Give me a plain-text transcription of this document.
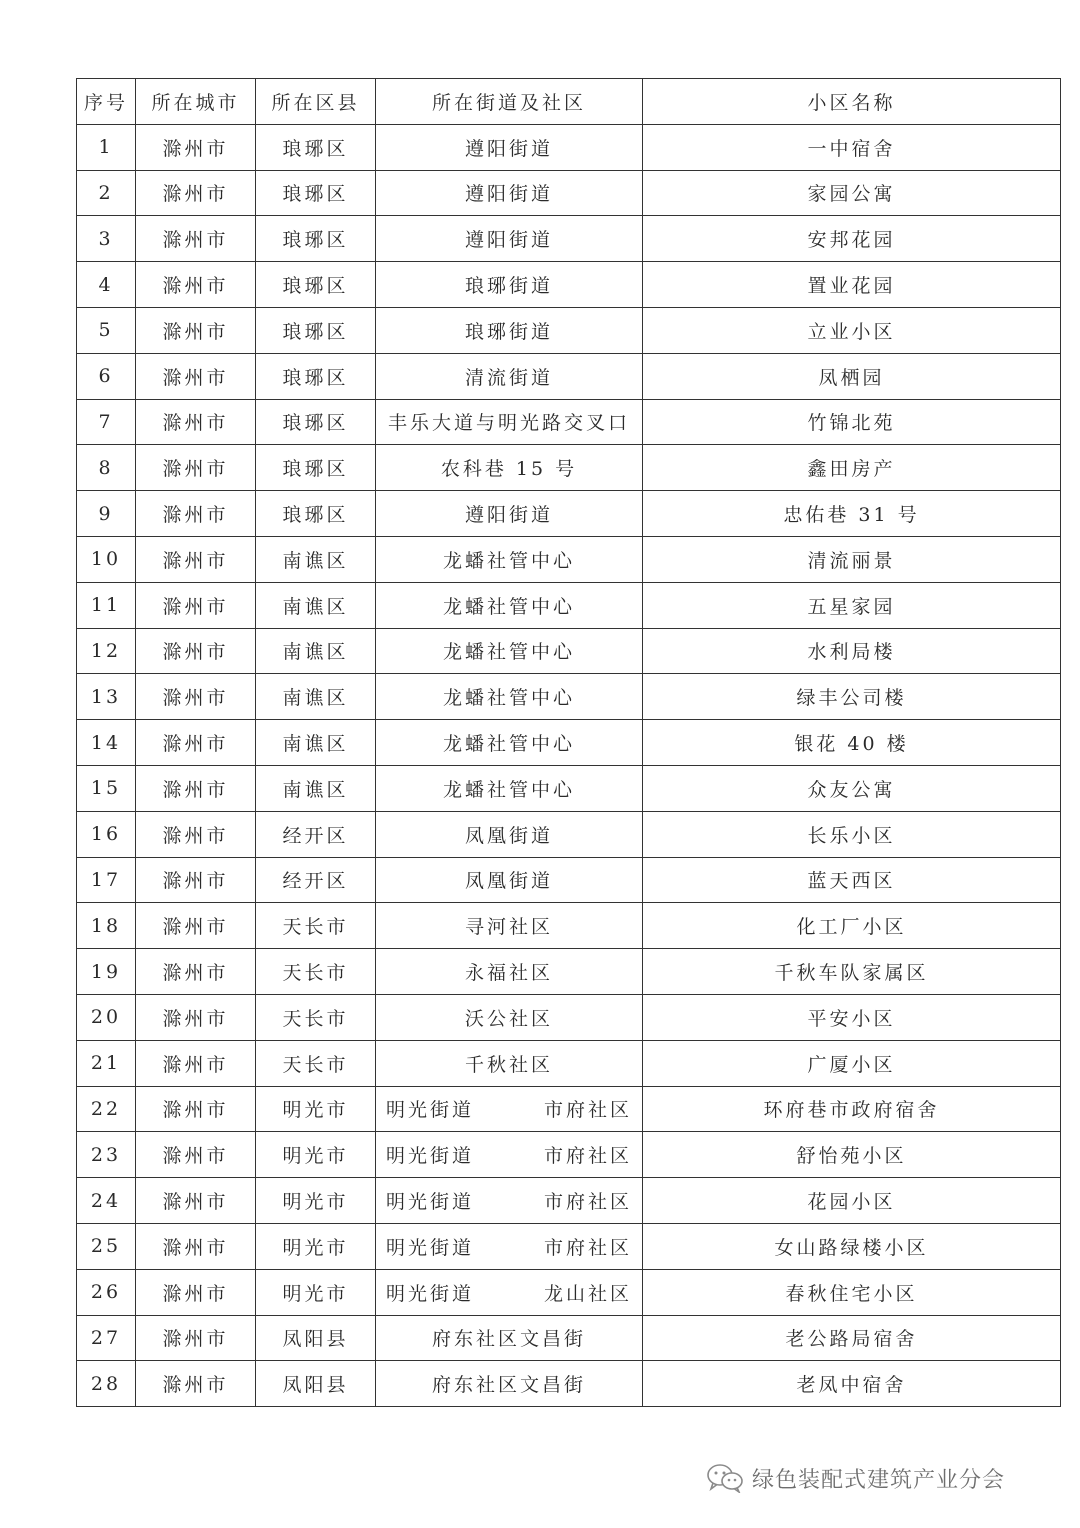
序号	所在城市	所在区县	所在街道及社区	小区名称
1	滁州市	琅琊区	遵阳街道	一中宿舍
2	滁州市	琅琊区	遵阳街道	家园公寓
3	滁州市	琅琊区	遵阳街道	安邦花园
4	滁州市	琅琊区	琅琊街道	置业花园
5	滁州市	琅琊区	琅琊街道	立业小区
6	滁州市	琅琊区	清流街道	凤栖园
7	滁州市	琅琊区	丰乐大道与明光路交叉口	竹锦北苑
8	滁州市	琅琊区	农科巷 15 号	鑫田房产
9	滁州市	琅琊区	遵阳街道	忠佑巷 31 号
10	滁州市	南谯区	龙蟠社管中心	清流丽景
11	滁州市	南谯区	龙蟠社管中心	五星家园
12	滁州市	南谯区	龙蟠社管中心	水利局楼
13	滁州市	南谯区	龙蟠社管中心	绿丰公司楼
14	滁州市	南谯区	龙蟠社管中心	银花 40 楼
15	滁州市	南谯区	龙蟠社管中心	众友公寓
16	滁州市	经开区	凤凰街道	长乐小区
17	滁州市	经开区	凤凰街道	蓝天西区
18	滁州市	天长市	寻河社区	化工厂小区
19	滁州市	天长市	永福社区	千秋车队家属区
20	滁州市	天长市	沃公社区	平安小区
21	滁州市	天长市	千秋社区	广厦小区
22	滁州市	明光市	明光街道 市府社区	环府巷市政府宿舍
23	滁州市	明光市	明光街道 市府社区	舒怡苑小区
24	滁州市	明光市	明光街道 市府社区	花园小区
25	滁州市	明光市	明光街道 市府社区	女山路绿楼小区
26	滁州市	明光市	明光街道 龙山社区	春秋住宅小区
27	滁州市	凤阳县	府东社区文昌街	老公路局宿舍
28	滁州市	凤阳县	府东社区文昌街	老凤中宿舍
绿色装配式建筑产业分会
